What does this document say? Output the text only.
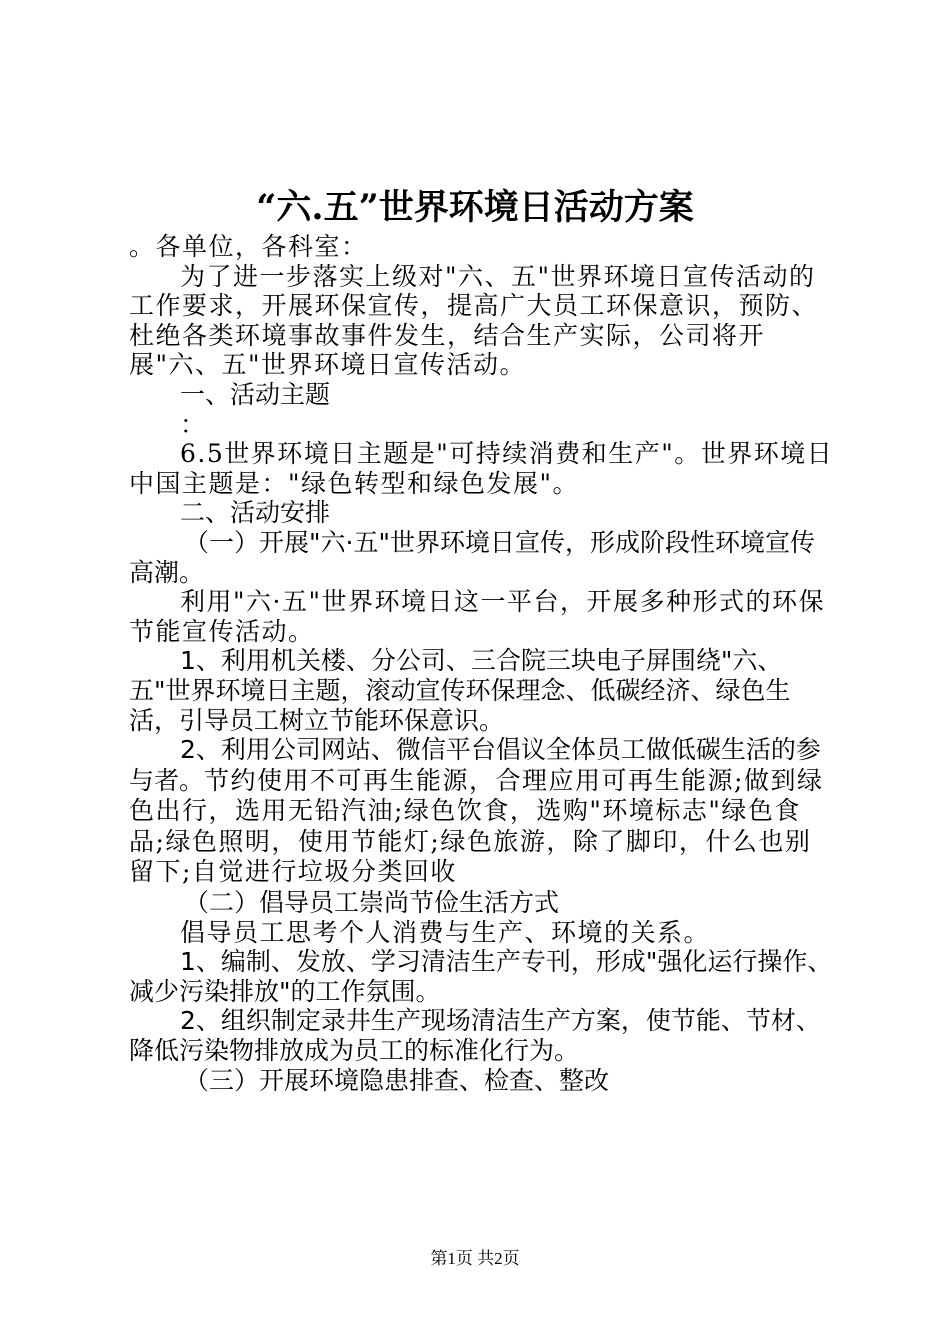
“六.五”世界环境日活动方案

。各单位，各科室：

为了进一步落实上级对"六、五"世界环境日宣传活动的工作要求，开展环保宣传，提高广大员工环保意识，预防、杜绝各类环境事故事件发生，结合生产实际，公司将开展"六、五"世界环境日宣传活动。

一、活动主题

：

6.5世界环境日主题是"可持续消费和生产"。世界环境日中国主题是："绿色转型和绿色发展"。

二、活动安排

（一）开展"六·五"世界环境日宣传，形成阶段性环境宣传高潮。

利用"六·五"世界环境日这一平台，开展多种形式的环保节能宣传活动。

1、利用机关楼、分公司、三合院三块电子屏围绕"六、五"世界环境日主题，滚动宣传环保理念、低碳经济、绿色生活，引导员工树立节能环保意识。

2、利用公司网站、微信平台倡议全体员工做低碳生活的参与者。节约使用不可再生能源，合理应用可再生能源;做到绿色出行，选用无铅汽油;绿色饮食，选购"环境标志"绿色食品;绿色照明，使用节能灯;绿色旅游，除了脚印，什么也别留下;自觉进行垃圾分类回收

（二）倡导员工崇尚节俭生活方式

倡导员工思考个人消费与生产、环境的关系。

1、编制、发放、学习清洁生产专刊，形成"强化运行操作、减少污染排放"的工作氛围。

2、组织制定录井生产现场清洁生产方案，使节能、节材、降低污染物排放成为员工的标准化行为。

（三）开展环境隐患排查、检查、整改

第1页 共2页
